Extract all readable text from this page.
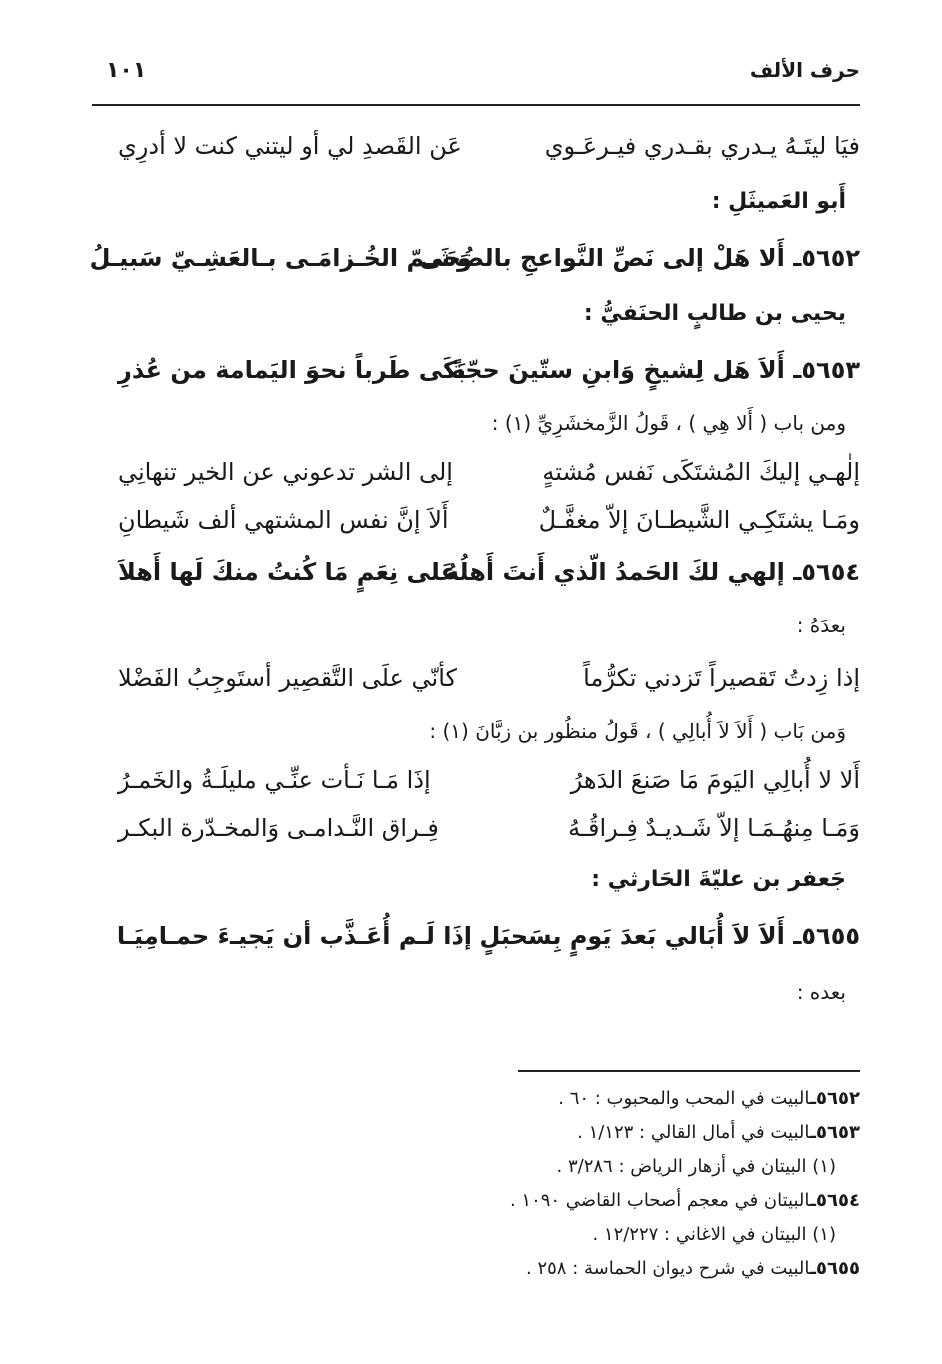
حرف الألف
١٠١
فيَا ليتَـهُ يـدري بقـدري فيـرعَـوي
عَن القَصدِ لي أو ليتني كنت لا أدرِي
أَبو العَميثَلِ :
٥٦٥٢ـ أَلا هَلْ إلى نَصِّ النَّواعجِ بالضُحَى
وَشَـمّ الخُـزامَـى بـالعَشِـيّ سَبيـلُ
يحيى بن طالبٍ الحنَفيُّ :
٥٦٥٣ـ أَلاَ هَل لِشيخٍ وَابنِ ستّينَ حجّةً
بَكَى طَرباً نحوَ اليَمامة من عُذرِ
ومن باب ( أَلا هِي ) ، قَولُ الزَّمخشَرِيِّ (١) :
إلٰهـي إليكَ المُشتَكَى نَفس مُشتهٍ
إلى الشر تدعوني عن الخير تنهانِي
ومَـا يشتَكِـي الشَّيطـانَ إلاّ مغفَّـلٌ
أَلاَ إنَّ نفس المشتهي ألف شَيطانِ
٥٦٥٤ـ إلهي لكَ الحَمدُ الّذي أَنتَ أَهلُهُ
عَلى نِعَمٍ مَا كُنتُ منكَ لَها أَهلاَ
بعدَهُ :
إذا زِدتُ تَقصيراً تَزدني تكرُّماً
كأنّي علَى التَّقصِير أستَوجِبُ الفَضْلا
وَمن بَاب ( أَلاَ لاَ أُبالِي ) ، قَولُ منظُور بن زبَّانَ (١) :
أَلا لا أُبالِي اليَومَ مَا صَنعَ الدَهرُ
إذَا مَـا نَـأت عنِّـي مليلَـةُ والخَمـرُ
وَمَـا مِنهُـمَـا إلاّ شَـديـدٌ فِـراقُـهُ
فِـراق النَّـدامـى وَالمخـدّرة البكـر
جَعفر بن عليّةَ الحَارثي :
٥٦٥٥ـ أَلاَ لاَ أُبَالي بَعدَ يَومٍ بِسَحبَلٍ
إذَا لَـم أُعَـذَّب أن يَجيـءَ حمـامِيَـا
بعده :
٥٦٥٢ـالبيت في المحب والمحبوب : ٦٠ .
٥٦٥٣ـالبيت في أمال القالي : ١/١٢٣ .
(١) البيتان في أزهار الرياض : ٣/٢٨٦ .
٥٦٥٤ـالبيتان في معجم أصحاب القاضي ١٠٩٠ .
(١) البيتان في الاغاني : ١٢/٢٢٧ .
٥٦٥٥ـالبيت في شرح ديوان الحماسة : ٢٥٨ .
